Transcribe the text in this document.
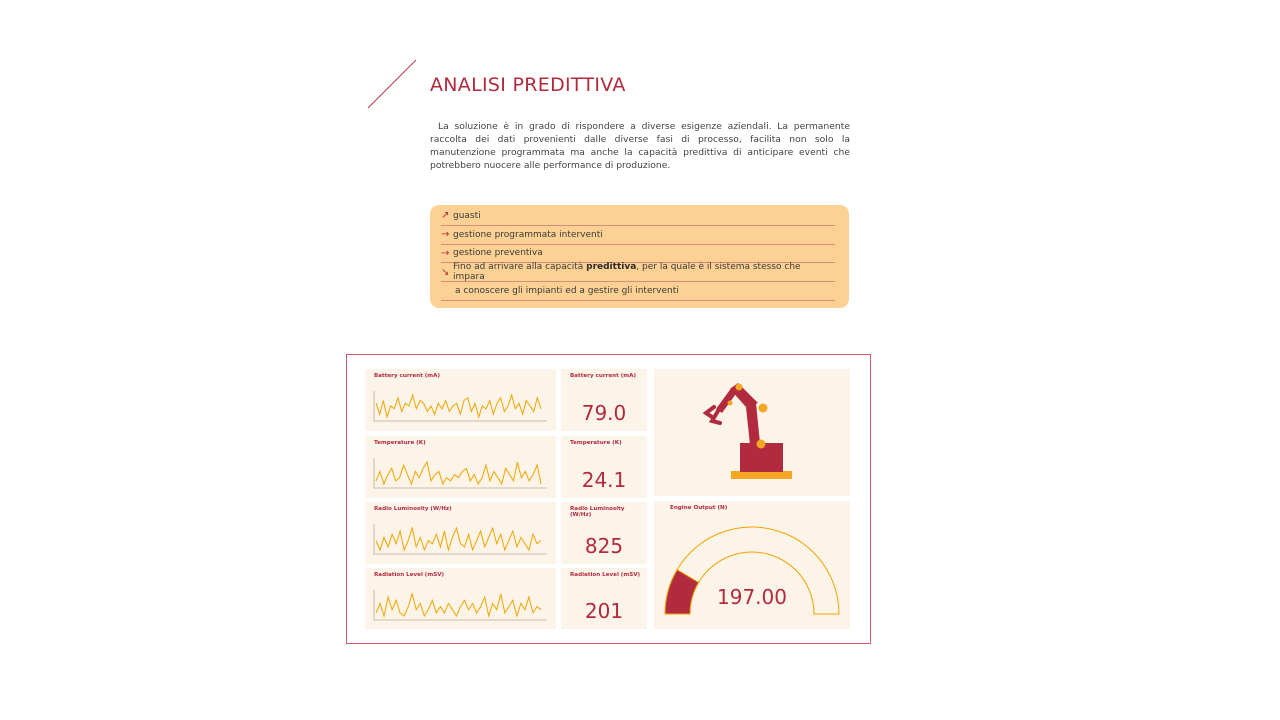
ANALISI PREDITTIVA

La soluzione è in grado di rispondere a diverse esigenze aziendali. La permanente raccolta dei dati provenienti dalle diverse fasi di processo, facilita non solo la manutenzione programmata ma anche la capacità predittiva di anticipare eventi che potrebbero nuocere alle performance di produzione.

↗ guasti
→ gestione programmata interventi
→ gestione preventiva
↘ Fino ad arrivare alla capacità predittiva, per la quale è il sistema stesso che impara
a conoscere gli impianti ed a gestire gli interventi
Battery current (mA)
Temperature (K)
Radio Luminosity (W/Hz)
Radiation Level (mSV)
Battery current (mA)
79.0
Temperature (K)
24.1
Radio Luminosity (W/Hz)
825
Radiation Level (mSV)
201
Engine Output (N)
197.00
